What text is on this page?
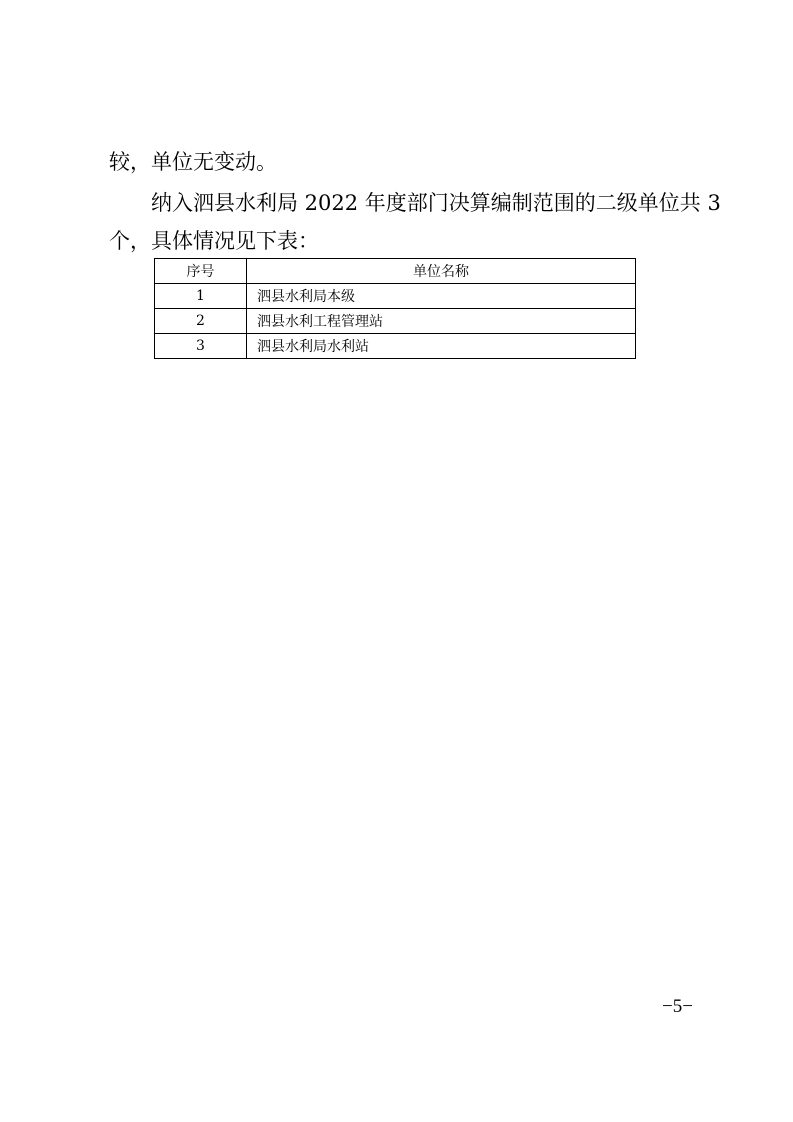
较，单位无变动。
纳入泗县水利局 2022 年度部门决算编制范围的二级单位共 3
个，具体情况见下表：
序号	单位名称
1	泗县水利局本级
2	泗县水利工程管理站
3	泗县水利局水利站
−5−
